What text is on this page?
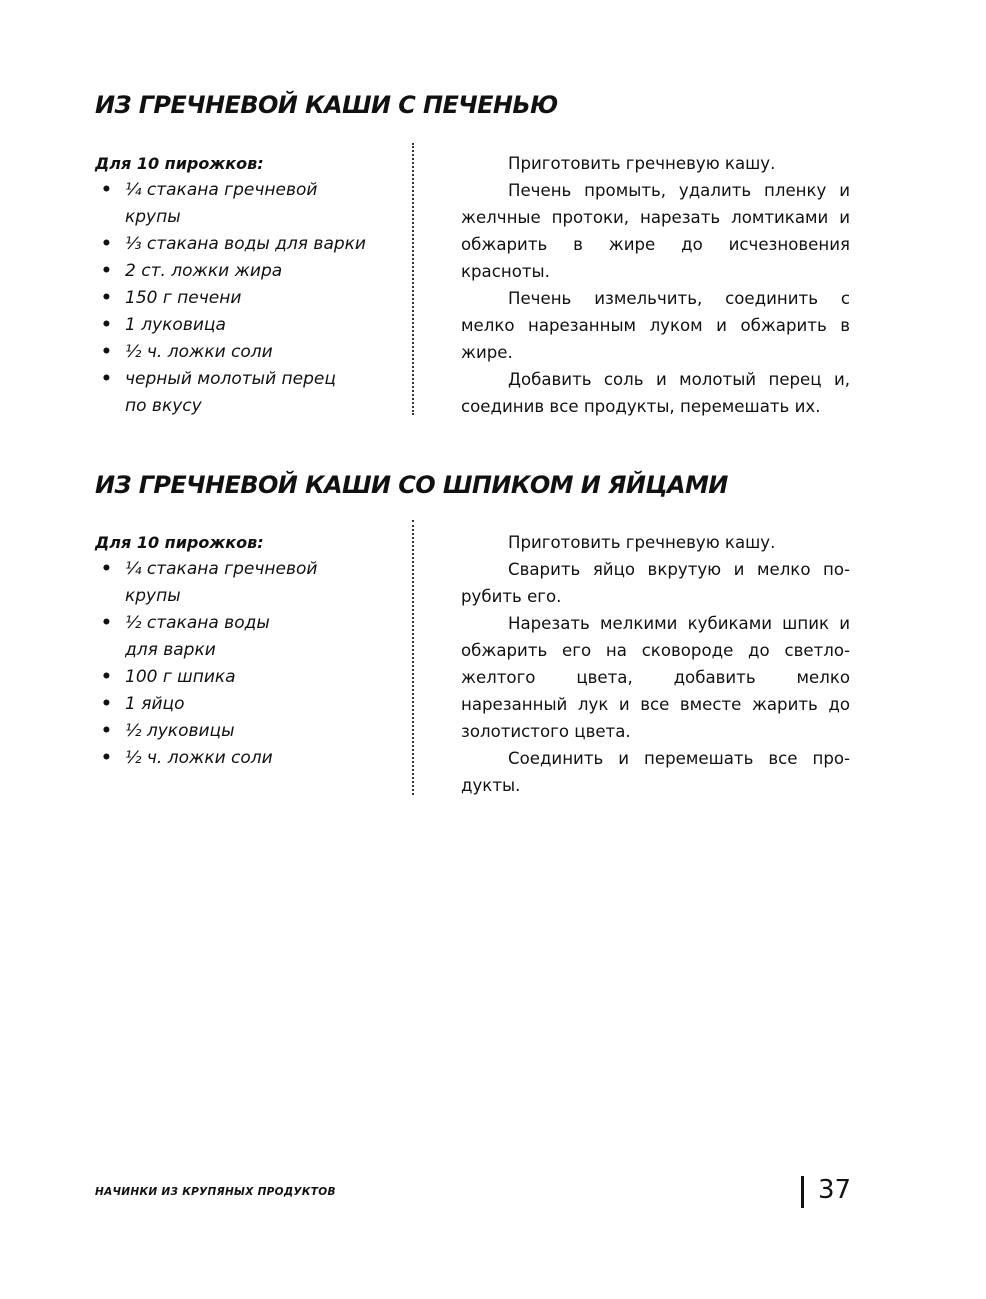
ИЗ ГРЕЧНЕВОЙ КАШИ С ПЕЧЕНЬЮ
Для 10 пирожков:
• ¼ стакана гречневой
крупы
• ⅓ стакана воды для варки
• 2 ст. ложки жира
• 150 г печени
• 1 луковица
• ½ ч. ложки соли
• черный молотый перец
по вкусу

Приготовить гречневую кашу.

Печень промыть, удалить пленку и желчные протоки, нарезать ломтиками и обжарить в жире до исчезновения красноты.

Печень измельчить, соединить с мелко нарезанным луком и обжарить в жире.

Добавить соль и молотый перец и, соединив все продукты, перемешать их.

ИЗ ГРЕЧНЕВОЙ КАШИ СО ШПИКОМ И ЯЙЦАМИ
Для 10 пирожков:
• ¼ стакана гречневой
крупы
• ½ стакана воды
для варки
• 100 г шпика
• 1 яйцо
• ½ луковицы
• ½ ч. ложки соли

Приготовить гречневую кашу.

Сварить яйцо вкрутую и мелко порубить его.

Нарезать мелкими кубиками шпик и обжарить его на сковороде до светло-желтого цвета, добавить мелко нарезанный лук и все вместе жарить до золотистого цвета.

Соединить и перемешать все продукты.

НАЧИНКИ ИЗ КРУПЯНЫХ ПРОДУКТОВ	37
